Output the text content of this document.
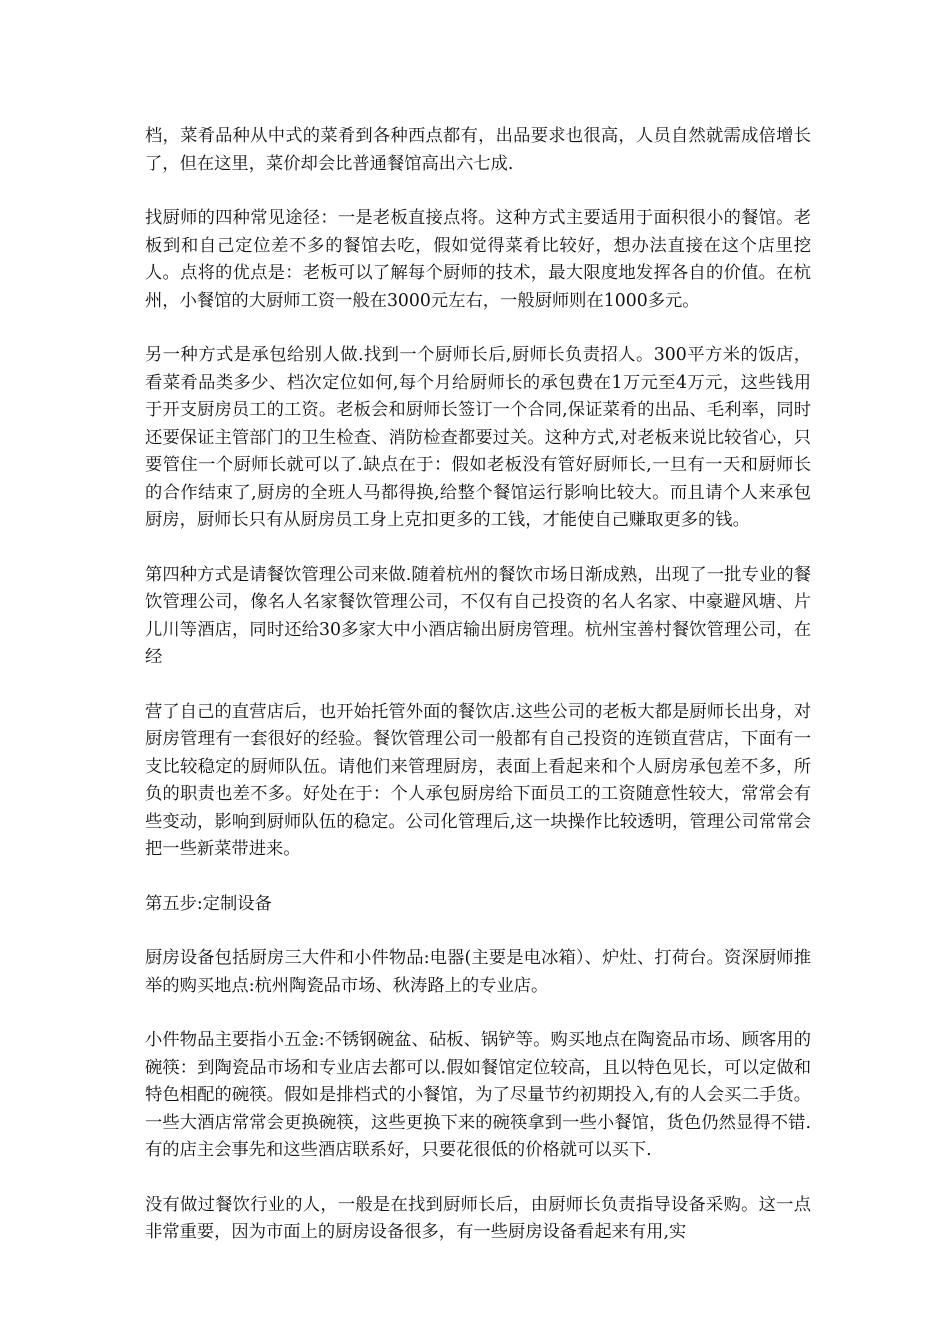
档，菜肴品种从中式的菜肴到各种西点都有，出品要求也很高，人员自然就需成倍增长了，但在这里，菜价却会比普通餐馆高出六七成.

找厨师的四种常见途径：一是老板直接点将。这种方式主要适用于面积很小的餐馆。老板到和自己定位差不多的餐馆去吃，假如觉得菜肴比较好，想办法直接在这个店里挖人。点将的优点是：老板可以了解每个厨师的技术，最大限度地发挥各自的价值。在杭州，小餐馆的大厨师工资一般在3000元左右，一般厨师则在1000多元。

另一种方式是承包给别人做.找到一个厨师长后,厨师长负责招人。300平方米的饭店，看菜肴品类多少、档次定位如何,每个月给厨师长的承包费在1万元至4万元，这些钱用于开支厨房员工的工资。老板会和厨师长签订一个合同,保证菜肴的出品、毛利率，同时还要保证主管部门的卫生检查、消防检查都要过关。这种方式,对老板来说比较省心，只要管住一个厨师长就可以了.缺点在于：假如老板没有管好厨师长,一旦有一天和厨师长的合作结束了,厨房的全班人马都得换,给整个餐馆运行影响比较大。而且请个人来承包厨房，厨师长只有从厨房员工身上克扣更多的工钱，才能使自己赚取更多的钱。

第四种方式是请餐饮管理公司来做.随着杭州的餐饮市场日渐成熟，出现了一批专业的餐饮管理公司，像名人名家餐饮管理公司，不仅有自己投资的名人名家、中豪避风塘、片儿川等酒店，同时还给30多家大中小酒店输出厨房管理。杭州宝善村餐饮管理公司，在经

营了自己的直营店后，也开始托管外面的餐饮店.这些公司的老板大都是厨师长出身，对厨房管理有一套很好的经验。餐饮管理公司一般都有自己投资的连锁直营店，下面有一支比较稳定的厨师队伍。请他们来管理厨房，表面上看起来和个人厨房承包差不多，所负的职责也差不多。好处在于：个人承包厨房给下面员工的工资随意性较大，常常会有些变动，影响到厨师队伍的稳定。公司化管理后,这一块操作比较透明，管理公司常常会把一些新菜带进来。

第五步:定制设备

厨房设备包括厨房三大件和小件物品:电器(主要是电冰箱）、炉灶、打荷台。资深厨师推举的购买地点:杭州陶瓷品市场、秋涛路上的专业店。

小件物品主要指小五金:不锈钢碗盆、砧板、锅铲等。购买地点在陶瓷品市场、顾客用的碗筷：到陶瓷品市场和专业店去都可以.假如餐馆定位较高，且以特色见长，可以定做和特色相配的碗筷。假如是排档式的小餐馆，为了尽量节约初期投入,有的人会买二手货。一些大酒店常常会更换碗筷，这些更换下来的碗筷拿到一些小餐馆，货色仍然显得不错.有的店主会事先和这些酒店联系好，只要花很低的价格就可以买下.

没有做过餐饮行业的人，一般是在找到厨师长后，由厨师长负责指导设备采购。这一点非常重要，因为市面上的厨房设备很多，有一些厨房设备看起来有用,实
